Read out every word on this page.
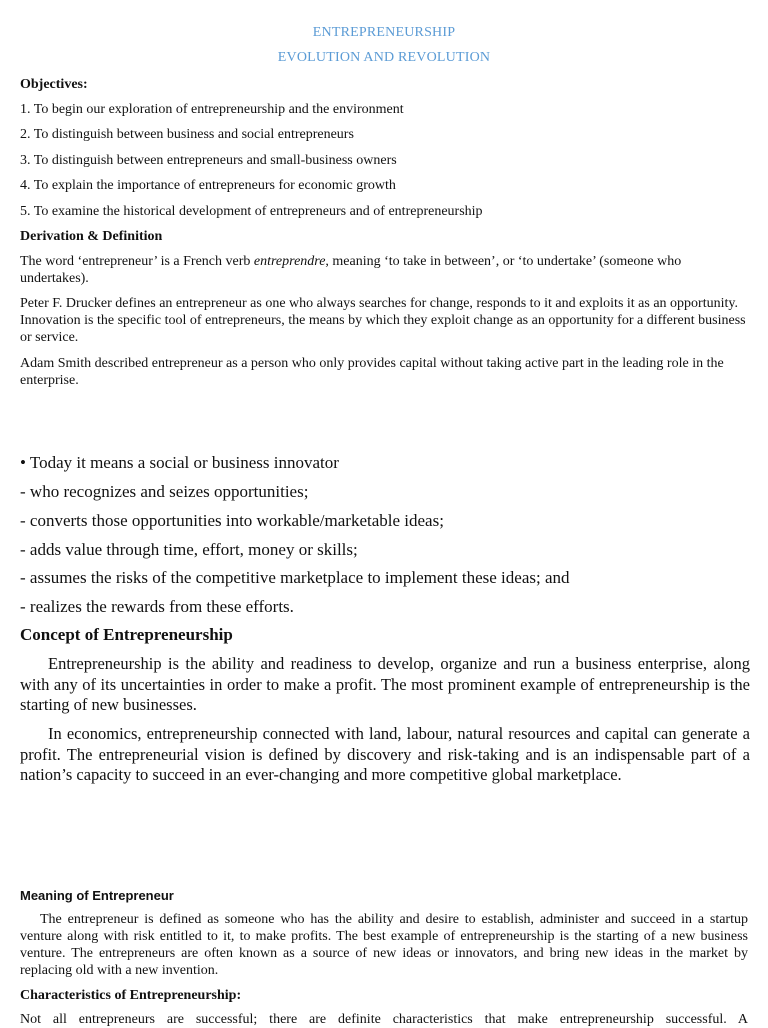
ENTREPRENEURSHIP
EVOLUTION AND REVOLUTION
Objectives:
1. To begin our exploration of entrepreneurship and the environment
2. To distinguish between business and social entrepreneurs
3. To distinguish between entrepreneurs and small-business owners
4. To explain the importance of entrepreneurs for economic growth
5. To examine the historical development of entrepreneurs and of entrepreneurship
Derivation & Definition
The word ‘entrepreneur’ is a French verb entreprendre, meaning ‘to take in between’, or ‘to undertake’ (someone who undertakes).
Peter F. Drucker defines an entrepreneur as one who always searches for change, responds to it and exploits it as an opportunity. Innovation is the specific tool of entrepreneurs, the means by which they exploit change as an opportunity for a different business or service.
Adam Smith described entrepreneur as a person who only provides capital without taking active part in the leading role in the enterprise.
• Today it means a social or business innovator
- who recognizes and seizes opportunities;
- converts those opportunities into workable/marketable ideas;
- adds value through time, effort, money or skills;
- assumes the risks of the competitive marketplace to implement these ideas; and
- realizes the rewards from these efforts.
Concept of Entrepreneurship
Entrepreneurship is the ability and readiness to develop, organize and run a business enterprise, along with any of its uncertainties in order to make a profit. The most prominent example of entrepreneurship is the starting of new businesses.
In economics, entrepreneurship connected with land, labour, natural resources and capital can generate a profit. The entrepreneurial vision is defined by discovery and risk-taking and is an indispensable part of a nation’s capacity to succeed in an ever-changing and more competitive global marketplace.
Meaning of Entrepreneur
The entrepreneur is defined as someone who has the ability and desire to establish, administer and succeed in a startup venture along with risk entitled to it, to make profits. The best example of entrepreneurship is the starting of a new business venture. The entrepreneurs are often known as a source of new ideas or innovators, and bring new ideas in the market by replacing old with a new invention.
Characteristics of Entrepreneurship:
Not all entrepreneurs are successful; there are definite characteristics that make entrepreneurship successful. A
